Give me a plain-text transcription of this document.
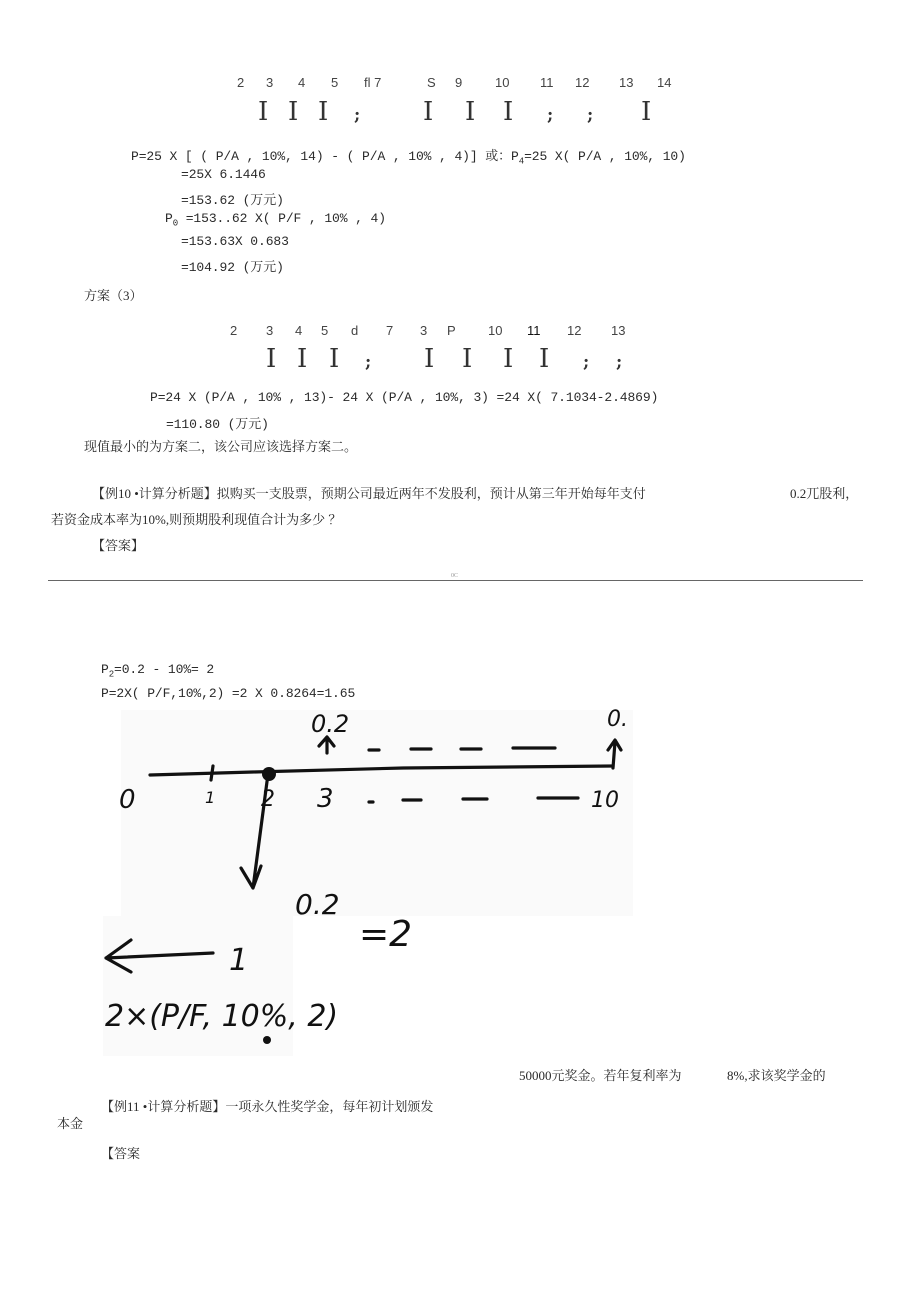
2 3 4 5 fl 7	S 9	10 11 12 13 14
I I I ; I I I ; ; I
P=25 X [ ( P/A , 10%, 14) - ( P/A , 10% , 4)] 或：$P_4=25$ X( P/A , 10%, 10)
=25X 6.1446
=153.62 (万元)
$P_0 =153..62$ X( P/F , 10% , 4)
=153.63X 0.683
=104.92 (万元)
方案（3）
2 3 4 5 d 7 3 P 10 11 12 13
I I I ; I I I I ; ;
P=24 X (P/A , 10% , 13)- 24 X (P/A , 10%, 3) =24 X( 7.1034-2.4869)
=110.80 (万元)
现值最小的为方案二，该公司应该选择方案二。
【例10 •计算分析题】拟购买一支股票，预期公司最近两年不发股利，预计从第三年开始每年支付	0.2兀股利，
若资金成本率为10%,则预期股利现值合计为多少 ？
【答案】
0C
$P_2=0.2 - 10\%= 2$
P=2X( P/F,10%,2) =2 X 0.8264=1.65
0	1 2 3	10
0.2	0.
0.2
=2
1
2×(P/F, 10%, 2)
50000元奖金。若年复利率为	8%,求该奖学金的
【例11 •计算分析题】一项永久性奖学金，每年初计划颁发
本金
【答案
